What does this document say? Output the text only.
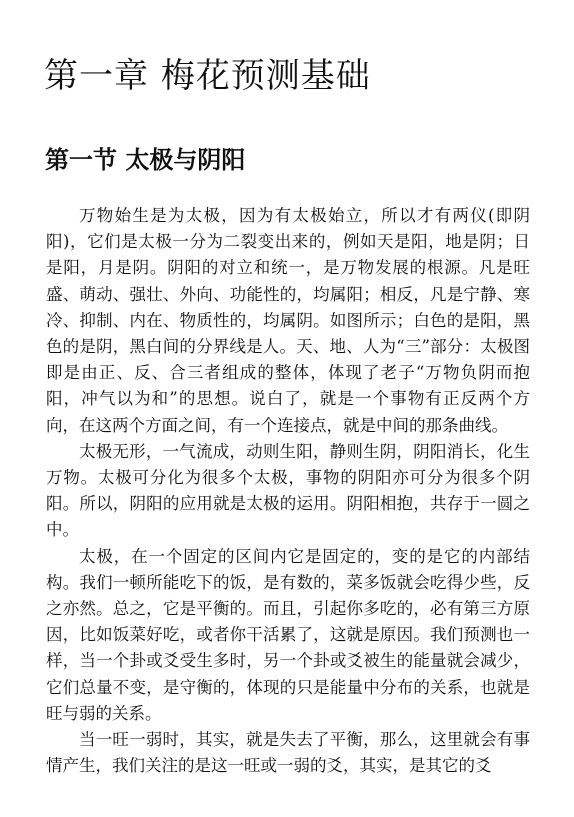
第一章 梅花预测基础
第一节 太极与阴阳

万物始生是为太极，因为有太极始立，所以才有两仪(即阴阳)，它们是太极一分为二裂变出来的，例如天是阳，地是阴；日是阳，月是阴。阴阳的对立和统一，是万物发展的根源。凡是旺盛、萌动、强壮、外向、功能性的，均属阳；相反，凡是宁静、寒冷、抑制、内在、物质性的，均属阴。如图所示；白色的是阳，黑色的是阴，黑白间的分界线是人。天、地、人为“三”部分：太极图即是由正、反、合三者组成的整体，体现了老子“万物负阴而抱阳，冲气以为和”的思想。说白了，就是一个事物有正反两个方向，在这两个方面之间，有一个连接点，就是中间的那条曲线。

太极无形，一气流成，动则生阳，静则生阴，阴阳消长，化生万物。太极可分化为很多个太极，事物的阴阳亦可分为很多个阴阳。所以，阴阳的应用就是太极的运用。阴阳相抱，共存于一圆之中。

太极，在一个固定的区间内它是固定的，变的是它的内部结构。我们一顿所能吃下的饭，是有数的，菜多饭就会吃得少些，反之亦然。总之，它是平衡的。而且，引起你多吃的，必有第三方原因，比如饭菜好吃，或者你干活累了，这就是原因。我们预测也一样，当一个卦或爻受生多时，另一个卦或爻被生的能量就会减少，它们总量不变，是守衡的，体现的只是能量中分布的关系，也就是旺与弱的关系。

当一旺一弱时，其实，就是失去了平衡，那么，这里就会有事情产生，我们关注的是这一旺或一弱的爻，其实，是其它的爻
